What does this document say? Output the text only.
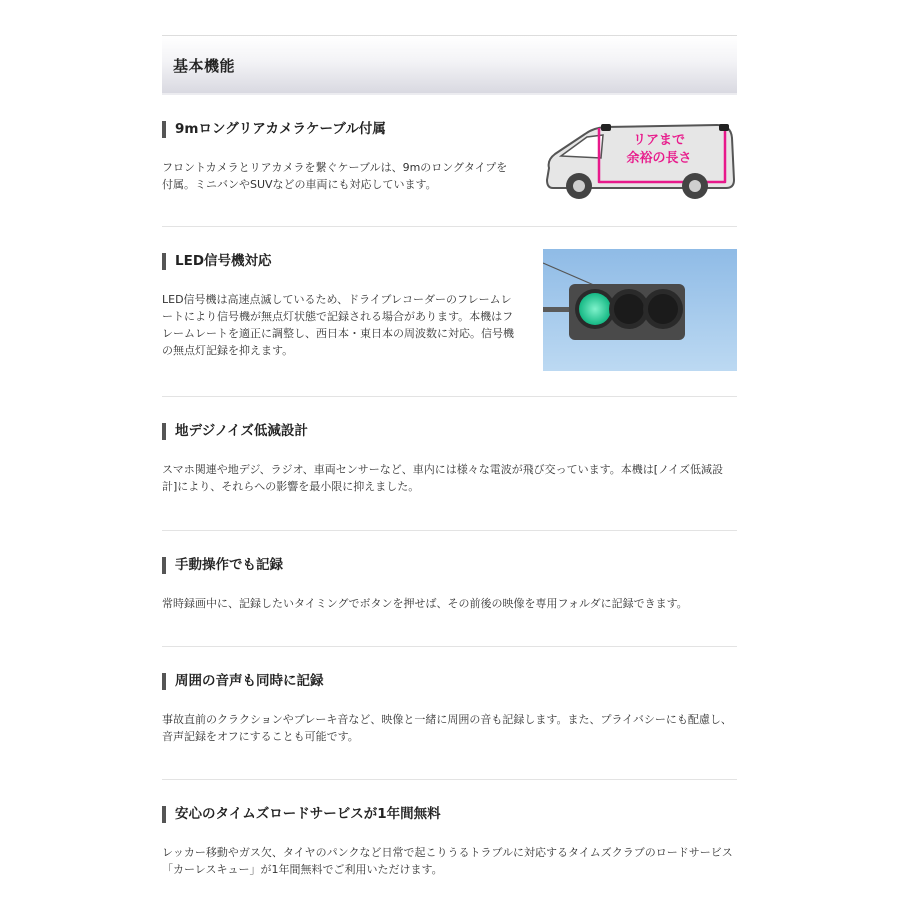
基本機能
9mロングリアカメラケーブル付属
フロントカメラとリアカメラを繋ぐケーブルは、9mのロングタイプを付属。ミニバンやSUVなどの車両にも対応しています。
リアまで
余裕の長さ
LED信号機対応
LED信号機は高速点滅しているため、ドライブレコーダーのフレームレートにより信号機が無点灯状態で記録される場合があります。本機はフレームレートを適正に調整し、西日本・東日本の周波数に対応。信号機の無点灯記録を抑えます。
地デジノイズ低減設計
スマホ関連や地デジ、ラジオ、車両センサーなど、車内には様々な電波が飛び交っています。本機は[ノイズ低減設計]により、それらへの影響を最小限に抑えました。
手動操作でも記録
常時録画中に、記録したいタイミングでボタンを押せば、その前後の映像を専用フォルダに記録できます。
周囲の音声も同時に記録
事故直前のクラクションやブレーキ音など、映像と一緒に周囲の音も記録します。また、プライバシーにも配慮し、音声記録をオフにすることも可能です。
安心のタイムズロードサービスが1年間無料
レッカー移動やガス欠、タイヤのパンクなど日常で起こりうるトラブルに対応するタイムズクラブのロードサービス「カーレスキュー」が1年間無料でご利用いただけます。
